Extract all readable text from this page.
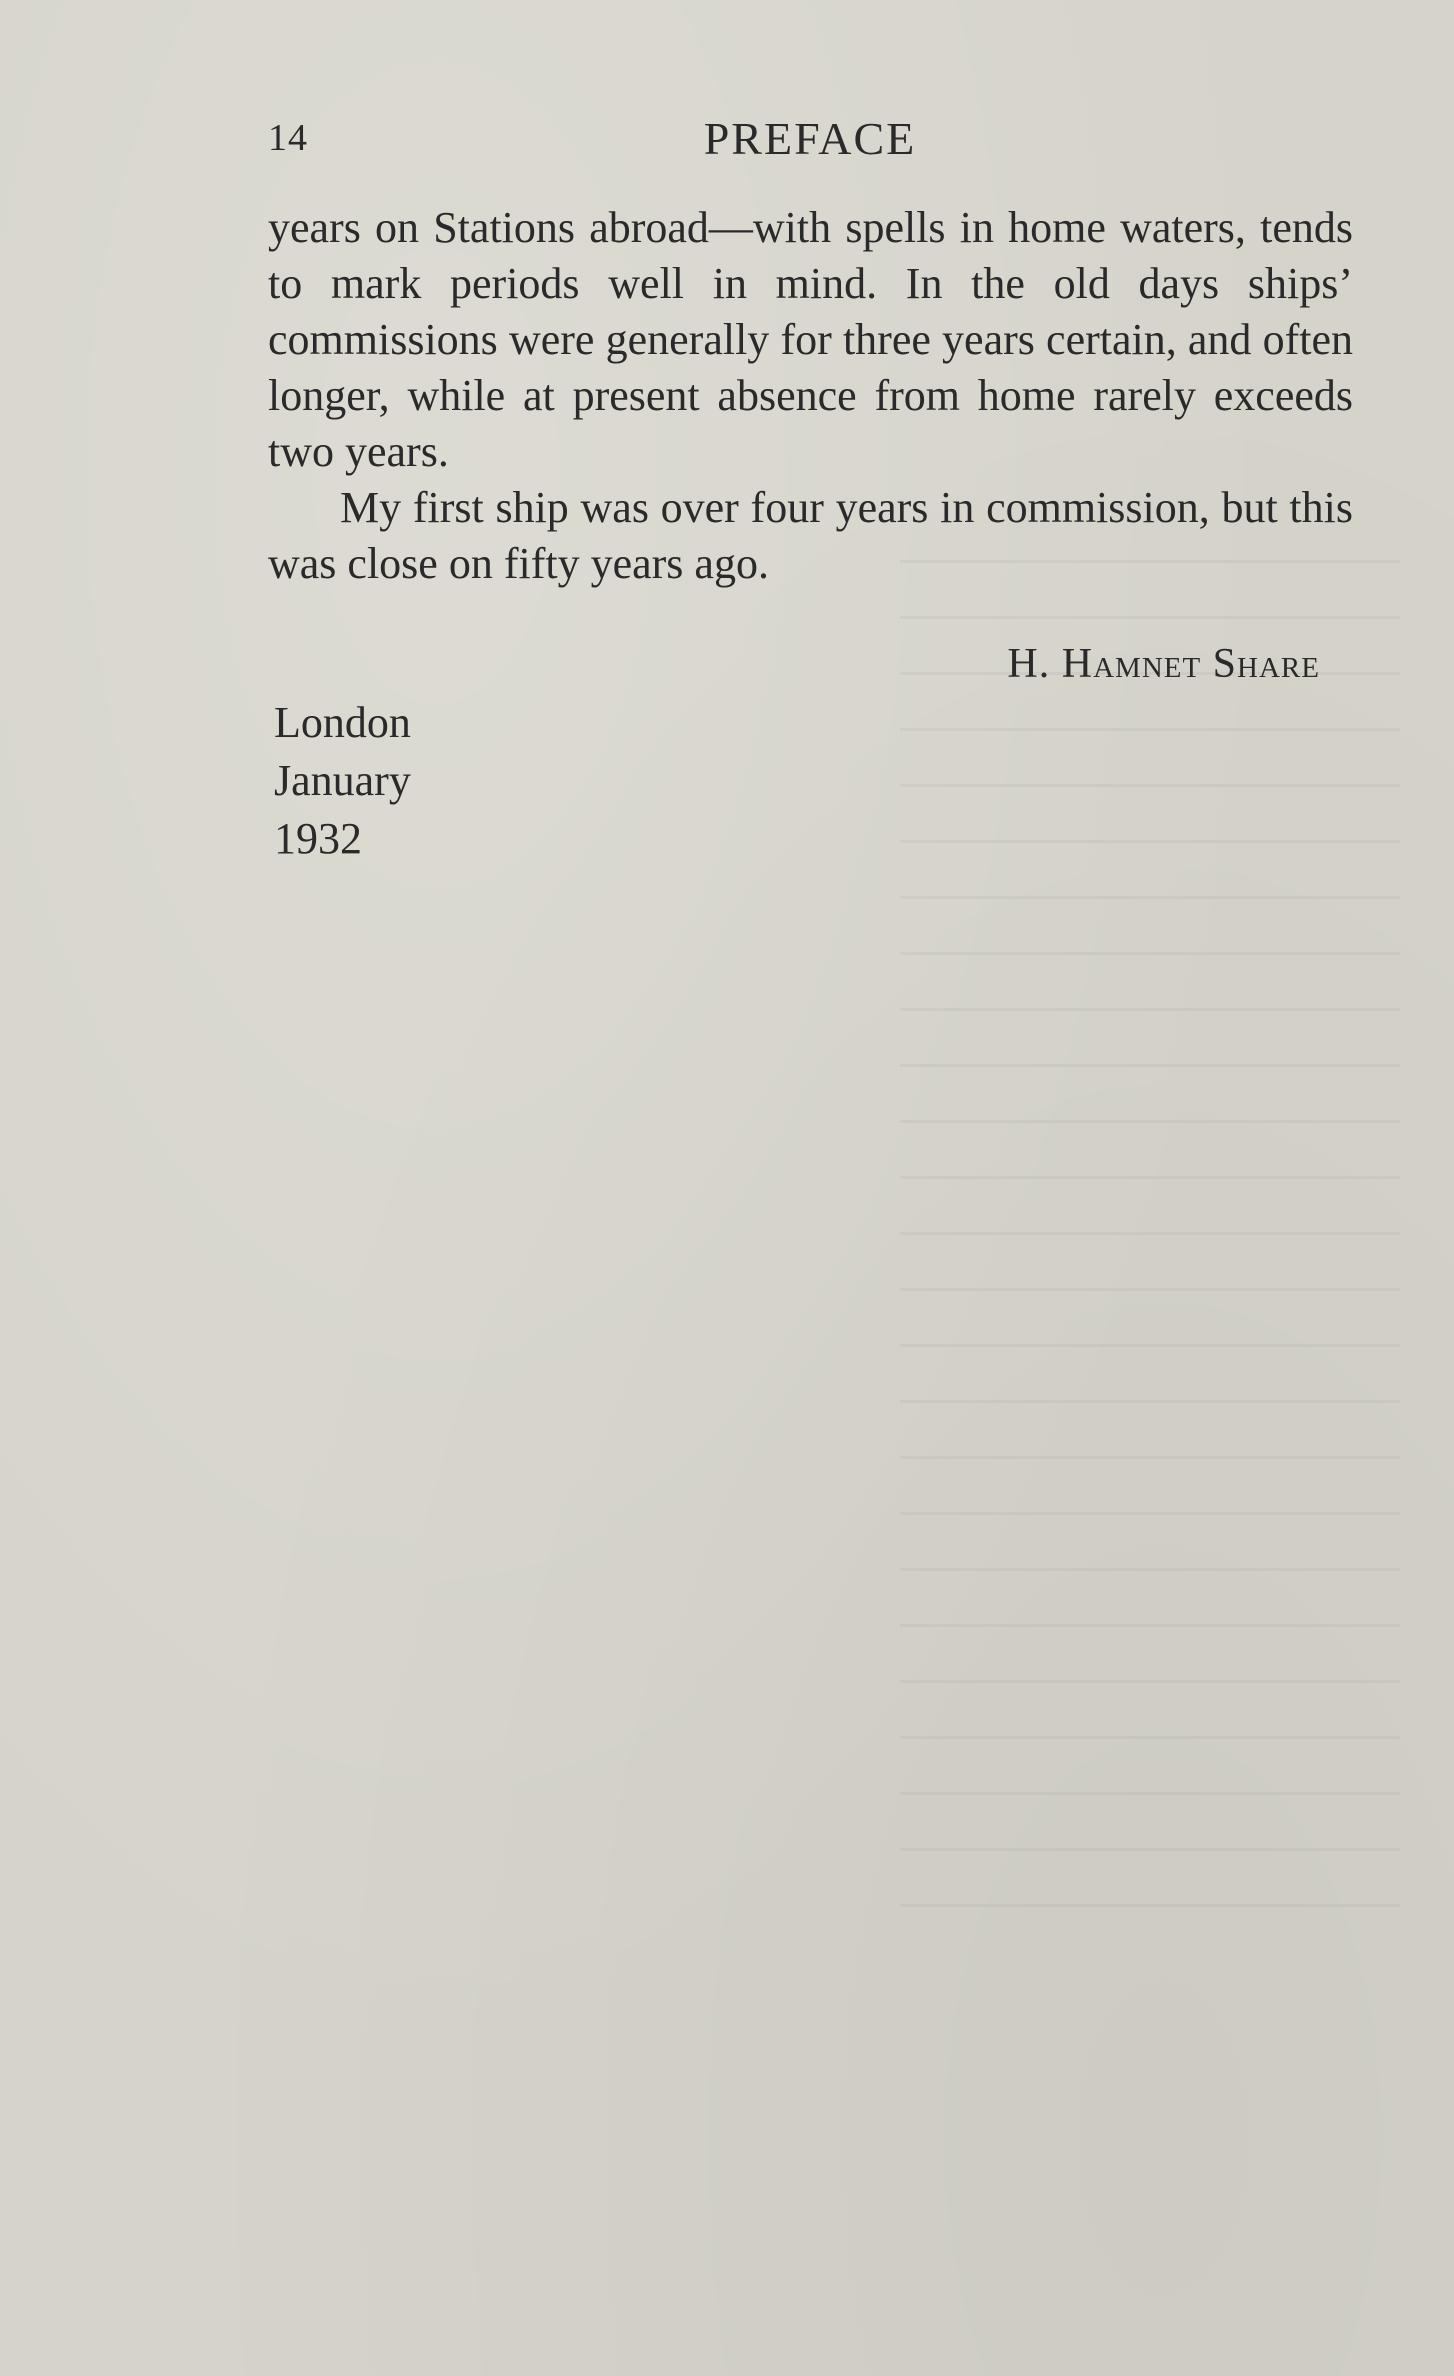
14	PREFACE

years on Stations abroad—with spells in home waters, tends to mark periods well in mind. In the old days ships’ commissions were generally for three years certain, and often longer, while at present absence from home rarely exceeds two years.

My first ship was over four years in commission, but this was close on fifty years ago.

H. Hamnet Share
London
January
1932
